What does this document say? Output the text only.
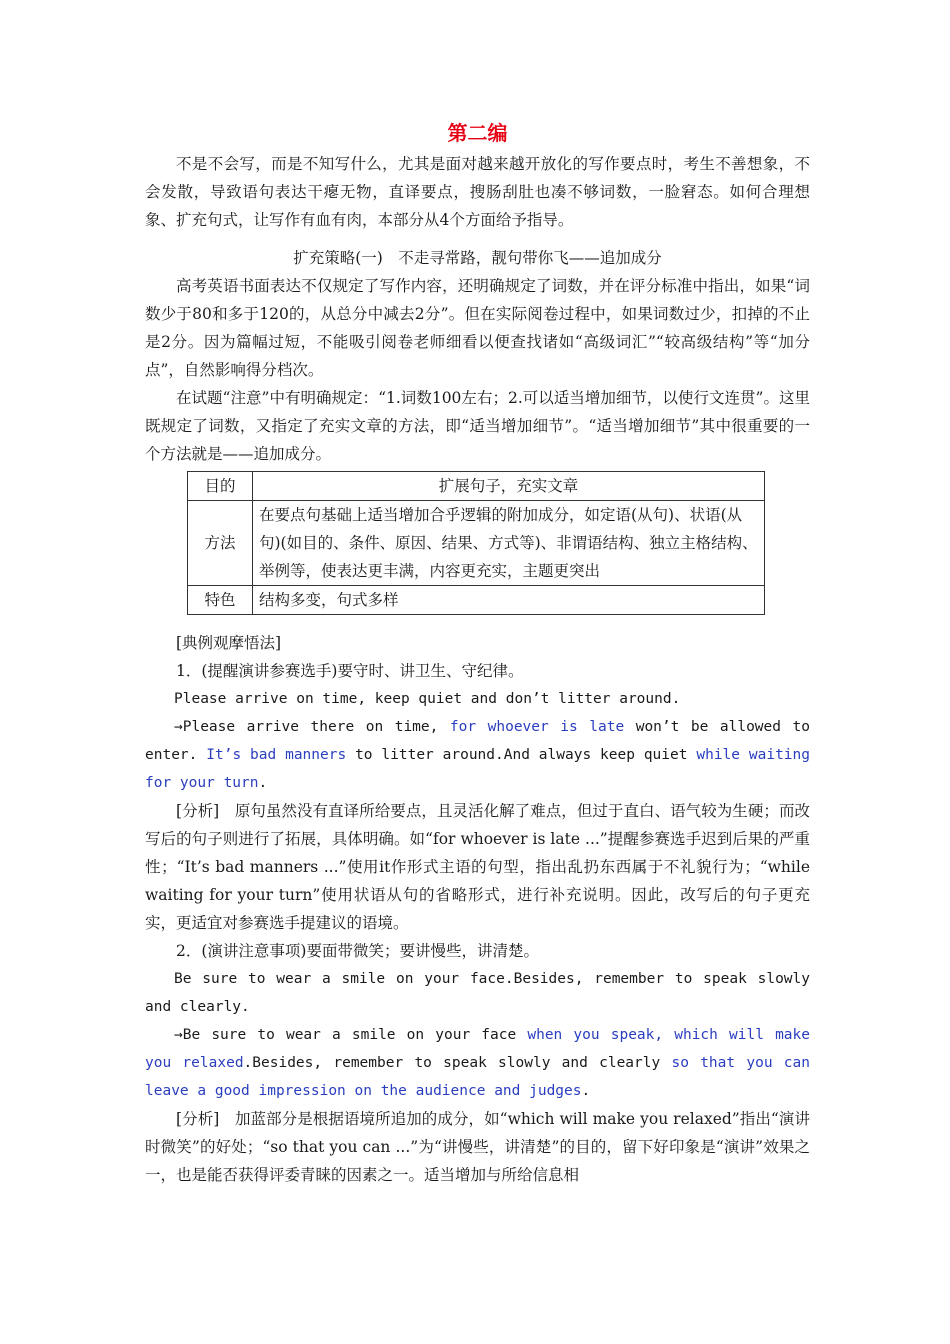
第二编

不是不会写，而是不知写什么，尤其是面对越来越开放化的写作要点时，考生不善想象，不会发散，导致语句表达干瘪无物，直译要点，搜肠刮肚也凑不够词数，一脸窘态。如何合理想象、扩充句式，让写作有血有肉，本部分从4个方面给予指导。

扩充策略(一)　不走寻常路，靓句带你飞——追加成分

高考英语书面表达不仅规定了写作内容，还明确规定了词数，并在评分标准中指出，如果“词数少于80和多于120的，从总分中减去2分”。但在实际阅卷过程中，如果词数过少，扣掉的不止是2分。因为篇幅过短，不能吸引阅卷老师细看以便查找诸如“高级词汇”“较高级结构”等“加分点”，自然影响得分档次。

在试题“注意”中有明确规定：“1.词数100左右；2.可以适当增加细节，以使行文连贯”。这里既规定了词数，又指定了充实文章的方法，即“适当增加细节”。“适当增加细节”其中很重要的一个方法就是——追加成分。

目的	扩展句子，充实文章
方法	在要点句基础上适当增加合乎逻辑的附加成分，如定语(从句)、状语(从句)(如目的、条件、原因、结果、方式等)、非谓语结构、独立主格结构、举例等，使表达更丰满，内容更充实，主题更突出
特色	结构多变，句式多样

[典例观摩悟法]

1．(提醒演讲参赛选手)要守时、讲卫生、守纪律。

Please arrive on time, keep quiet and don’t litter around.

→Please arrive there on time, for whoever is late won’t be allowed to enter. It’s bad manners to litter around.And always keep quiet while waiting for your turn.

[分析]　原句虽然没有直译所给要点，且灵活化解了难点，但过于直白、语气较为生硬；而改写后的句子则进行了拓展，具体明确。如“for whoever is late ...”提醒参赛选手迟到后果的严重性；“It’s bad manners ...”使用it作形式主语的句型，指出乱扔东西属于不礼貌行为；“while waiting for your turn”使用状语从句的省略形式，进行补充说明。因此，改写后的句子更充实，更适宜对参赛选手提建议的语境。

2．(演讲注意事项)要面带微笑；要讲慢些，讲清楚。

Be sure to wear a smile on your face.Besides, remember to speak slowly and clearly.

→Be sure to wear a smile on your face when you speak, which will make you relaxed.Besides, remember to speak slowly and clearly so that you can leave a good impression on the audience and judges.

[分析]　加蓝部分是根据语境所追加的成分，如“which will make you relaxed”指出“演讲时微笑”的好处；“so that you can ...”为“讲慢些，讲清楚”的目的，留下好印象是“演讲”效果之一，也是能否获得评委青睐的因素之一。适当增加与所给信息相
